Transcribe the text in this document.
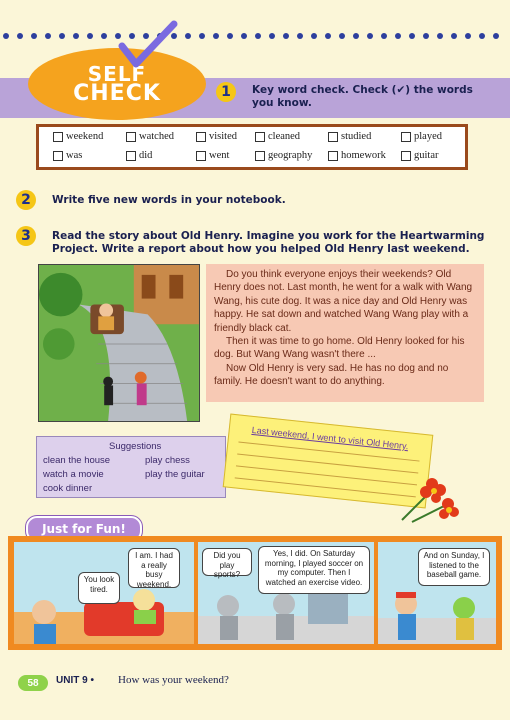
SELF
CHECK	1	Key word check. Check (✔) the words
you know.
weekend	watched	visited	cleaned	studied	played
was	did	went	geography	homework	guitar
2	Write five new words in your notebook.
3	Read the story about Old Henry. Imagine you work for the Heartwarming
Project. Write a report about how you helped Old Henry last weekend.

Do you think everyone enjoys their weekends? Old Henry does not. Last month, he went for a walk with Wang Wang, his cute dog. It was a nice day and Old Henry was happy. He sat down and watched Wang Wang play with a friendly black cat.

Then it was time to go home. Old Henry looked for his dog. But Wang Wang wasn't there ...

Now Old Henry is very sad. He has no dog and no family. He doesn't want to do anything.

Suggestions
clean the house	play chess
watch a movie	play the guitar
cook dinner
Last weekend, I went to visit Old Henry.
Just for Fun!
You look tired.
I am. I had a really busy weekend.
Did you play sports?
Yes, I did. On Saturday morning, I played soccer on my computer. Then I watched an exercise video.
And on Sunday, I listened to the baseball game.
58	UNIT 9 • How was your weekend?
